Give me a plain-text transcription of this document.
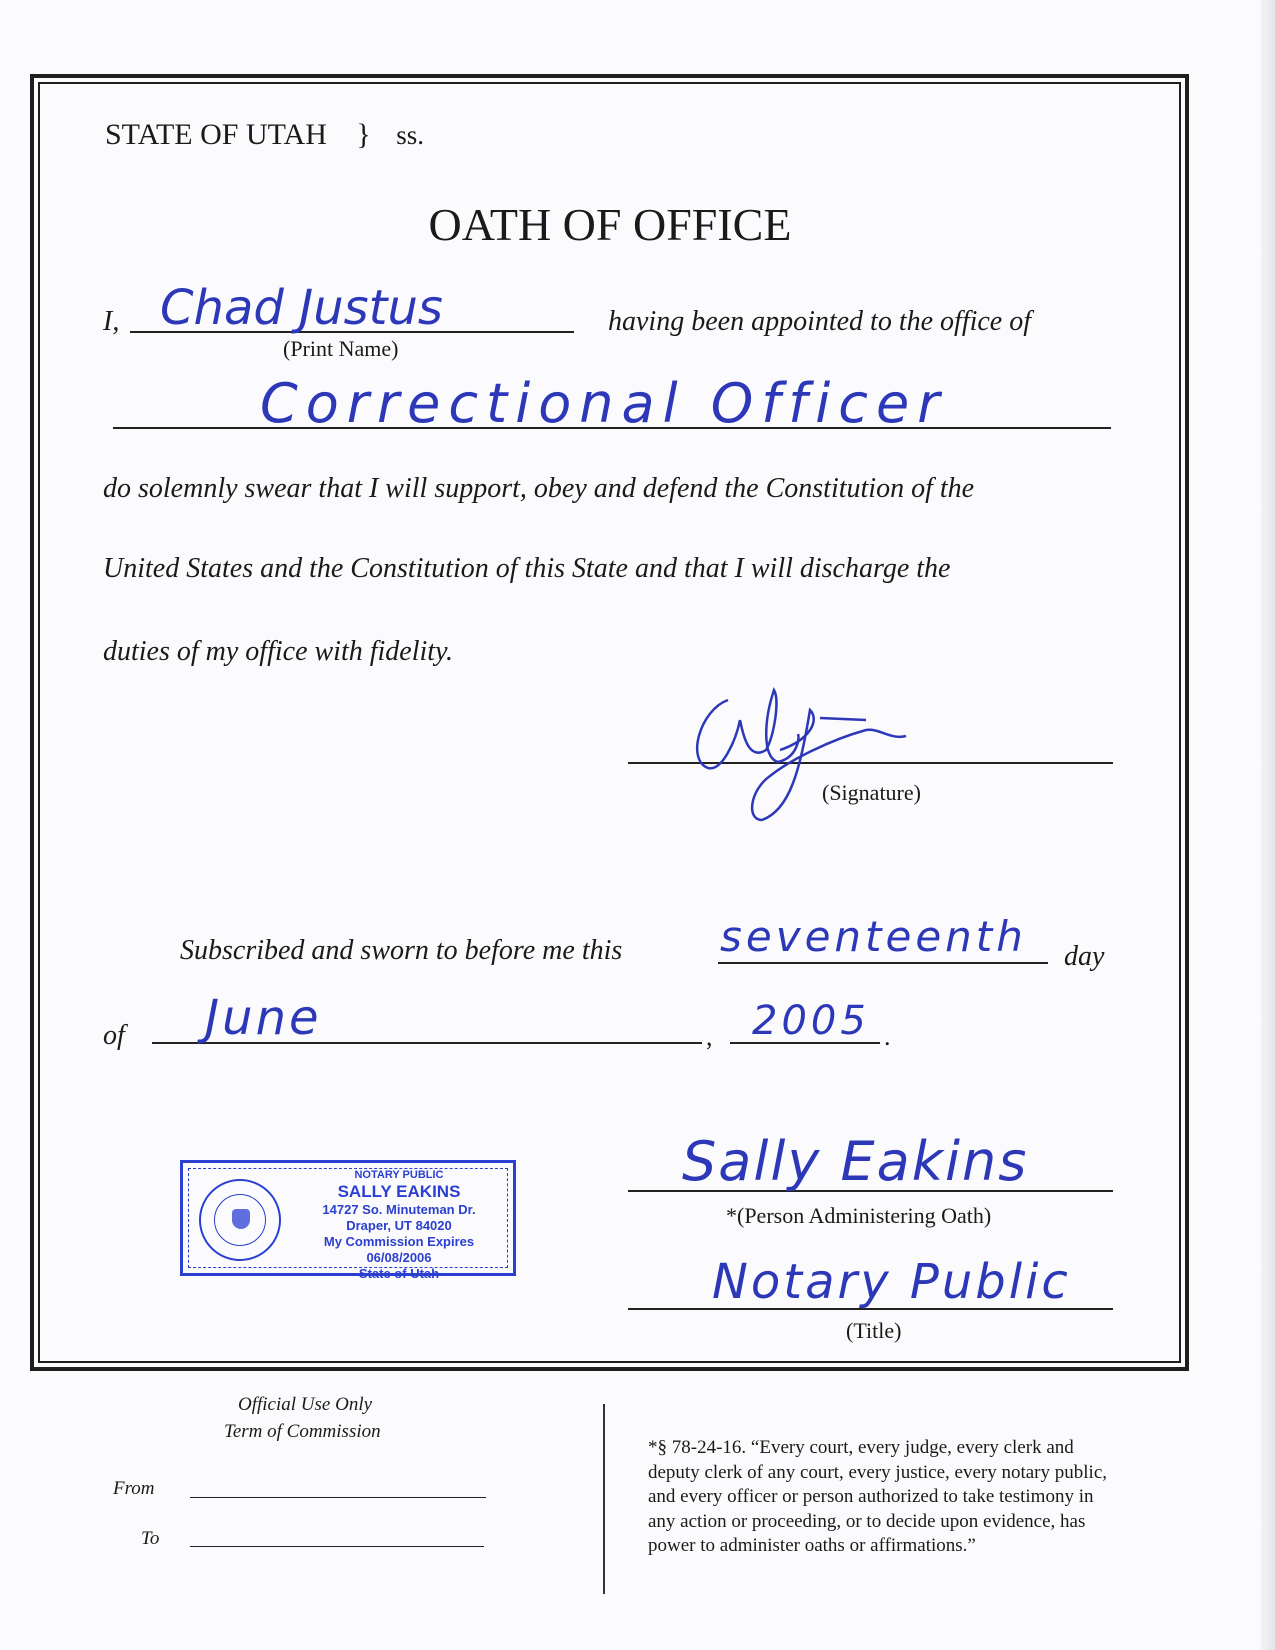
STATE OF UTAH } ss.
OATH OF OFFICE
I, Chad Justus
(Print Name)
having been appointed to the office of
Correctional Officer
do solemnly swear that I will support, obey and defend the Constitution of the
United States and the Constitution of this State and that I will discharge the
duties of my office with fidelity.
(Signature)
Subscribed and sworn to before me this seventeenth day
of June	, 2005 .
NOTARY PUBLIC
SALLY EAKINS
14727 So. Minuteman Dr.
Draper, UT 84020
My Commission Expires 06/08/2006
State of Utah
Sally Eakins
*(Person Administering Oath)
Notary Public
(Title)
Official Use Only
Term of Commission
From
To
*§ 78-24-16. “Every court, every judge, every clerk and
deputy clerk of any court, every justice, every notary public,
and every officer or person authorized to take testimony in
any action or proceeding, or to decide upon evidence, has
power to administer oaths or affirmations.”
